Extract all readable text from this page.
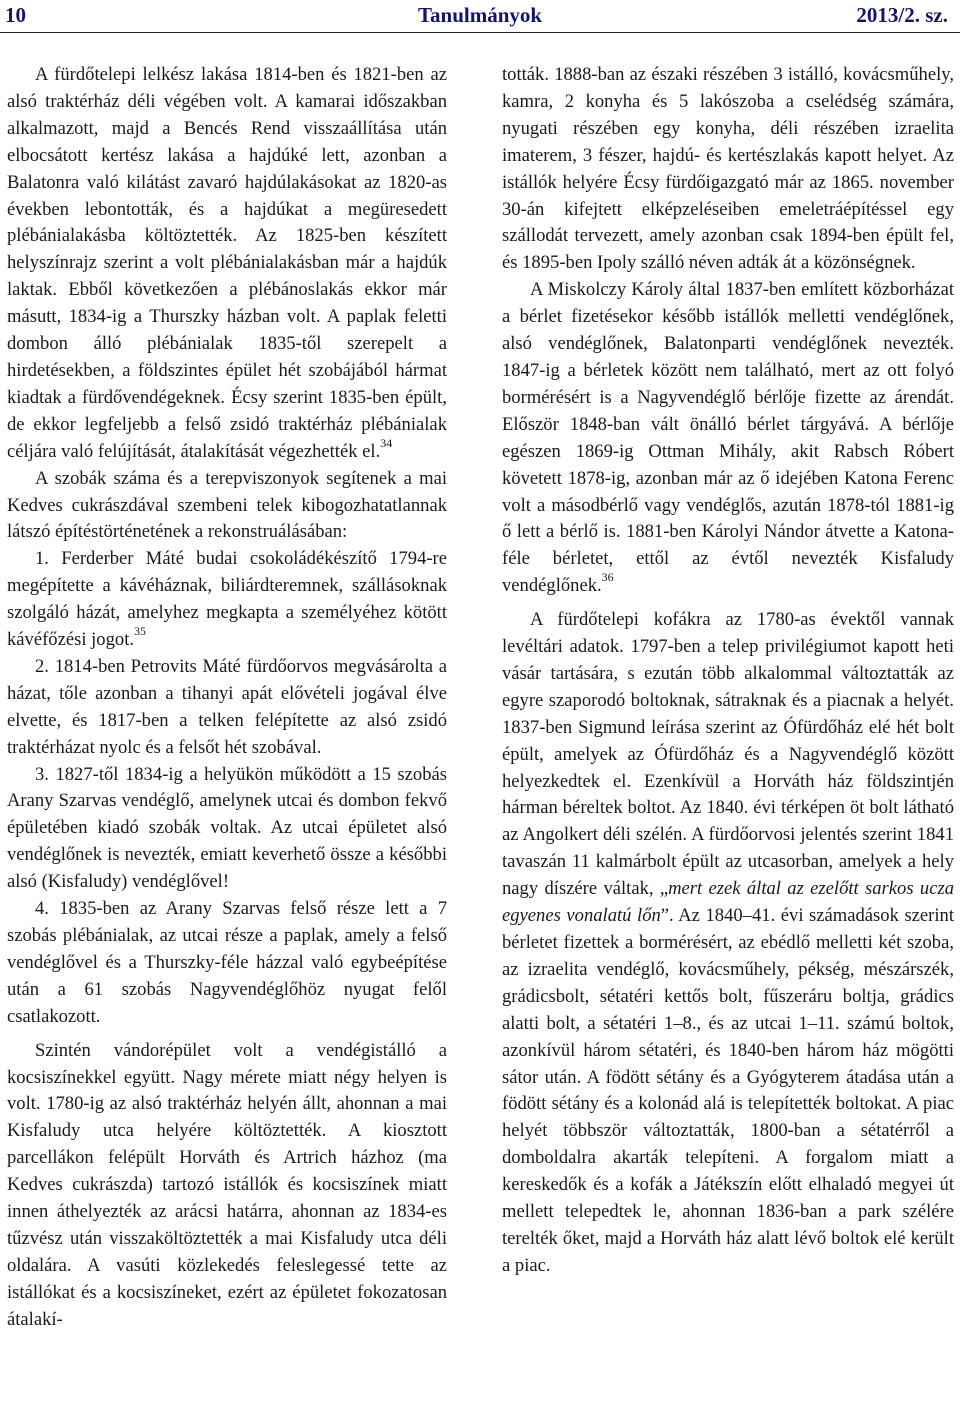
10	Tanulmányok	2013/2. sz.

A fürdőtelepi lelkész lakása 1814-ben és 1821-ben az alsó traktérház déli végében volt. A kamarai időszakban alkalmazott, majd a Bencés Rend visszaállítása után elbocsátott kertész lakása a hajdúké lett, azonban a Balatonra való kilátást zavaró hajdúlakásokat az 1820-as években lebontották, és a hajdúkat a megüresedett plébánialakásba költöztették. Az 1825-ben készített helyszínrajz szerint a volt plébánialakásban már a hajdúk laktak. Ebből következően a plébánoslakás ekkor már másutt, 1834-ig a Thurszky házban volt. A paplak feletti dombon álló plébánialak 1835-től szerepelt a hirdetésekben, a földszintes épület hét szobájából hármat kiadtak a fürdővendégeknek. Écsy szerint 1835-ben épült, de ekkor legfeljebb a felső zsidó traktérház plébánialak céljára való felújítását, átalakítását végezhették el.$^{34}$

A szobák száma és a terepviszonyok segítenek a mai Kedves cukrászdával szembeni telek kibogozhatatlannak látszó építéstörténetének a rekonstruálásában:

1. Ferderber Máté budai csokoládékészítő 1794-re megépítette a kávéháznak, biliárdteremnek, szállásoknak szolgáló házát, amelyhez megkapta a személyéhez kötött kávéfőzési jogot.$^{35}$

2. 1814-ben Petrovits Máté fürdőorvos megvásárolta a házat, tőle azonban a tihanyi apát elővételi jogával élve elvette, és 1817-ben a telken felépítette az alsó zsidó traktérházat nyolc és a felsőt hét szobával.

3. 1827-től 1834-ig a helyükön működött a 15 szobás Arany Szarvas vendéglő, amelynek utcai és dombon fekvő épületében kiadó szobák voltak. Az utcai épületet alsó vendéglőnek is nevezték, emiatt keverhető össze a későbbi alsó (Kisfaludy) vendéglővel!

4. 1835-ben az Arany Szarvas felső része lett a 7 szobás plébánialak, az utcai része a paplak, amely a felső vendéglővel és a Thurszky-féle házzal való egybeépítése után a 61 szobás Nagyvendéglőhöz nyugat felől csatlakozott.

Szintén vándorépület volt a vendégistálló a kocsiszínekkel együtt. Nagy mérete miatt négy helyen is volt. 1780-ig az alsó traktérház helyén állt, ahonnan a mai Kisfaludy utca helyére költöztették. A kiosztott parcellákon felépült Horváth és Artrich házhoz (ma Kedves cukrászda) tartozó istállók és kocsiszínek miatt innen áthelyezték az arácsi határra, ahonnan az 1834-es tűzvész után visszaköltöztették a mai Kisfaludy utca déli oldalára. A vasúti közlekedés feleslegessé tette az istállókat és a kocsiszíneket, ezért az épületet fokozatosan átalakí-

tották. 1888-ban az északi részében 3 istálló, kovácsműhely, kamra, 2 konyha és 5 lakószoba a cselédség számára, nyugati részében egy konyha, déli részében izraelita imaterem, 3 fészer, hajdú- és kertészlakás kapott helyet. Az istállók helyére Écsy fürdőigazgató már az 1865. november 30-án kifejtett elképzeléseiben emeletráépítéssel egy szállodát tervezett, amely azonban csak 1894-ben épült fel, és 1895-ben Ipoly szálló néven adták át a közönségnek.

A Miskolczy Károly által 1837-ben említett közborházat a bérlet fizetésekor később istállók melletti vendéglőnek, alsó vendéglőnek, Balatonparti vendéglőnek nevezték. 1847-ig a bérletek között nem található, mert az ott folyó bormérésért is a Nagyvendéglő bérlője fizette az árendát. Először 1848-ban vált önálló bérlet tárgyává. A bérlője egészen 1869-ig Ottman Mihály, akit Rabsch Róbert követett 1878-ig, azonban már az ő idejében Katona Ferenc volt a másodbérlő vagy vendéglős, azután 1878-tól 1881-ig ő lett a bérlő is. 1881-ben Károlyi Nándor átvette a Katona-féle bérletet, ettől az évtől nevezték Kisfaludy vendéglőnek.$^{36}$

A fürdőtelepi kofákra az 1780-as évektől vannak levéltári adatok. 1797-ben a telep privilégiumot kapott heti vásár tartására, s ezután több alkalommal változtatták az egyre szaporodó boltoknak, sátraknak és a piacnak a helyét. 1837-ben Sigmund leírása szerint az Ófürdőház elé hét bolt épült, amelyek az Ófürdőház és a Nagyvendéglő között helyezkedtek el. Ezenkívül a Horváth ház földszintjén hárman béreltek boltot. Az 1840. évi térképen öt bolt látható az Angolkert déli szélén. A fürdőorvosi jelentés szerint 1841 tavaszán 11 kalmárbolt épült az utcasorban, amelyek a hely nagy díszére váltak, „mert ezek által az ezelőtt sarkos ucza egyenes vonalatú lőn”. Az 1840–41. évi számadások szerint bérletet fizettek a bormérésért, az ebédlő melletti két szoba, az izraelita vendéglő, kovácsműhely, pékség, mészárszék, grádicsbolt, sétatéri kettős bolt, fűszeráru boltja, grádics alatti bolt, a sétatéri 1–8., és az utcai 1–11. számú boltok, azonkívül három sétatéri, és 1840-ben három ház mögötti sátor után. A födött sétány és a Gyógyterem átadása után a födött sétány és a kolonád alá is telepítették boltokat. A piac helyét többször változtatták, 1800-ban a sétatérről a domboldalra akarták telepíteni. A forgalom miatt a kereskedők és a kofák a Játékszín előtt elhaladó megyei út mellett telepedtek le, ahonnan 1836-ban a park szélére terelték őket, majd a Horváth ház alatt lévő boltok elé került a piac.
